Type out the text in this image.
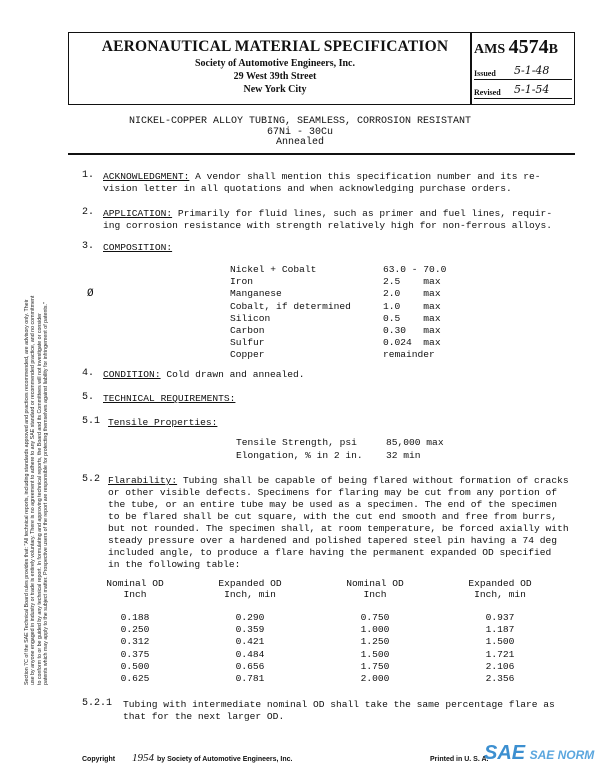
AERONAUTICAL MATERIAL SPECIFICATION
Society of Automotive Engineers, Inc.
29 West 39th Street
New York City
AMS 4574B
Issued 5-1-48
Revised 5-1-54
Section 7C of the SAE Technical Board rules provides that: "All technical reports, including standards approved and practices recommended, are advisory only. Their use by anyone engaged in industry or trade is entirely voluntary. There is no agreement to adhere to any SAE standard or recommended practice, and no commitment to conform to or be guided by any technical report. In formulating and approving technical reports, the Board and its Committees will not investigate or consider patents which may apply to the subject matter. Prospective users of the report are responsible for protecting themselves against liability for infringement of patents."
NICKEL-COPPER ALLOY TUBING, SEAMLESS, CORROSION RESISTANT
67Ni - 30Cu
Annealed
1. ACKNOWLEDGMENT: A vendor shall mention this specification number and its re-
vision letter in all quotations and when acknowledging purchase orders.
2. APPLICATION: Primarily for fluid lines, such as primer and fuel lines, requir-
ing corrosion resistance with strength relatively high for non-ferrous alloys.
3. COMPOSITION:
Ø
Nickel + Cobalt	63.0 - 70.0
Iron	2.5    max
Manganese	2.0    max
Cobalt, if determined	1.0    max
Silicon	0.5    max
Carbon	0.30   max
Sulfur	0.024  max
Copper	remainder
4. CONDITION: Cold drawn and annealed.
5. TECHNICAL REQUIREMENTS:
5.1 Tensile Properties:
Tensile Strength, psi	85,000 max
Elongation, % in 2 in. 32 min
5.2 Flarability: Tubing shall be capable of being flared without formation of cracks
or other visible defects. Specimens for flaring may be cut from any portion of
the tube, or an entire tube may be used as a specimen. The end of the specimen
to be flared shall be cut square, with the cut end smooth and free from burrs,
but not rounded. The specimen shall, at room temperature, be forced axially with
steady pressure over a hardened and polished tapered steel pin having a 74 deg
included angle, to produce a flare having the permanent expanded OD specified
in the following table:
Nominal OD
Inch
Expanded OD
Inch, min
Nominal OD
Inch
Expanded OD
Inch, min
0.188	0.290	0.750	0.937
0.250	0.359	1.000	1.187
0.312	0.421	1.250	1.500
0.375	0.484	1.500	1.721
0.500	0.656	1.750	2.106
0.625	0.781	2.000	2.356
5.2.1 Tubing with intermediate nominal OD shall take the same percentage flare as
that for the next larger OD.
Copyright 1954 by Society of Automotive Engineers, Inc.	Printed in U. S. A.
SAE SAE NORM
